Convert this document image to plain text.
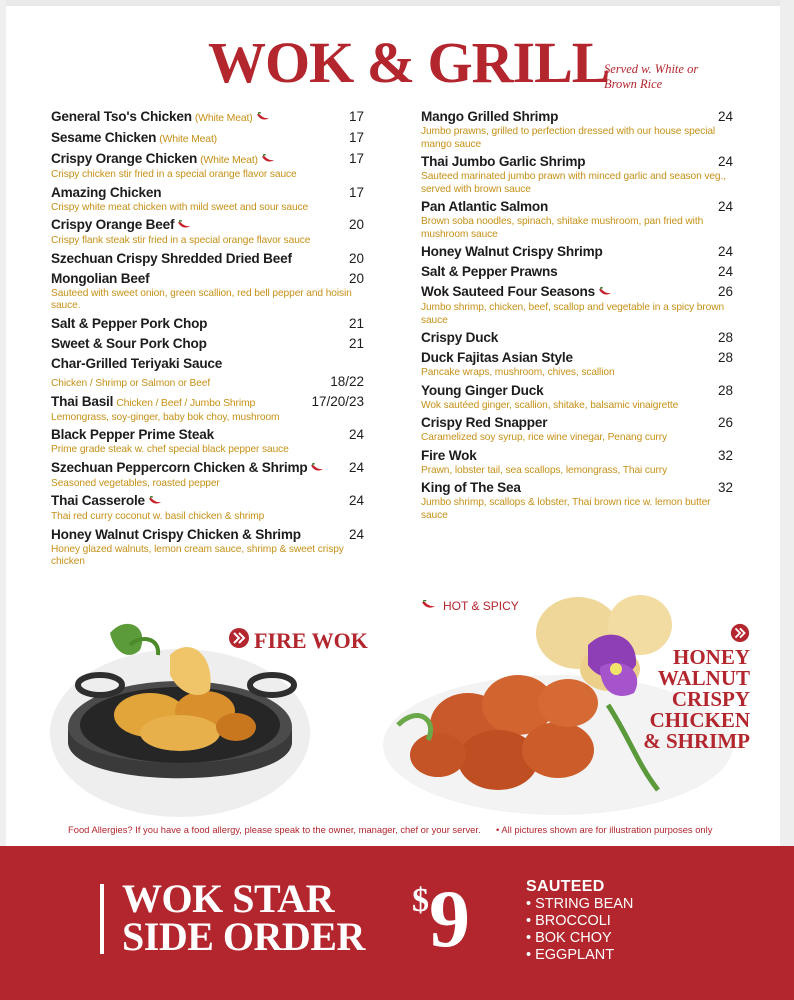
WOK & GRILL
Served w. White or Brown Rice
General Tso's Chicken (White Meat)	17
Sesame Chicken (White Meat)	17
Crispy Orange Chicken (White Meat)	17
Crispy chicken stir fried in a special orange flavor sauce
Amazing Chicken	17
Crispy white meat chicken with mild sweet and sour sauce
Crispy Orange Beef	20
Crispy flank steak stir fried in a special orange flavor sauce
Szechuan Crispy Shredded Dried Beef	20
Mongolian Beef	20
Sauteed with sweet onion, green scallion, red bell pepper and hoisin sauce.
Salt & Pepper Pork Chop	21
Sweet & Sour Pork Chop	21
Char-Grilled Teriyaki Sauce
Chicken / Shrimp or Salmon or Beef	18/22
Thai Basil Chicken / Beef / Jumbo Shrimp	17/20/23
Lemongrass, soy-ginger, baby bok choy, mushroom
Black Pepper Prime Steak	24
Prime grade steak w. chef special black pepper sauce
Szechuan Peppercorn Chicken & Shrimp	24
Seasoned vegetables, roasted pepper
Thai Casserole	24
Thai red curry coconut w. basil chicken & shrimp
Honey Walnut Crispy Chicken & Shrimp	24
Honey glazed walnuts, lemon cream sauce, shrimp & sweet crispy chicken
Mango Grilled Shrimp	24
Jumbo prawns, grilled to perfection dressed with our house special mango sauce
Thai Jumbo Garlic Shrimp	24
Sauteed marinated jumbo prawn with minced garlic and season veg., served with brown sauce
Pan Atlantic Salmon	24
Brown soba noodles, spinach, shitake mushroom, pan fried with mushroom sauce
Honey Walnut Crispy Shrimp	24
Salt & Pepper Prawns	24
Wok Sauteed Four Seasons	26
Jumbo shrimp, chicken, beef, scallop and vegetable in a spicy brown sauce
Crispy Duck	28
Duck Fajitas Asian Style	28
Pancake wraps, mushroom, chives, scallion
Young Ginger Duck	28
Wok sautéed ginger, scallion, shitake, balsamic vinaigrette
Crispy Red Snapper	26
Caramelized soy syrup, rice wine vinegar, Penang curry
Fire Wok	32
Prawn, lobster tail, sea scallops, lemongrass, Thai curry
King of The Sea	32
Jumbo shrimp, scallops & lobster, Thai brown rice w. lemon butter sauce
HOT & SPICY
FIRE WOK
HONEY
WALNUT
CRISPY
CHICKEN
& SHRIMP
Food Allergies? If you have a food allergy, please speak to the owner, manager, chef or your server. • All pictures shown are for illustration purposes only
WOK STAR
SIDE ORDER
$9	SAUTEED
• STRING BEAN
• BROCCOLI
• BOK CHOY
• EGGPLANT
